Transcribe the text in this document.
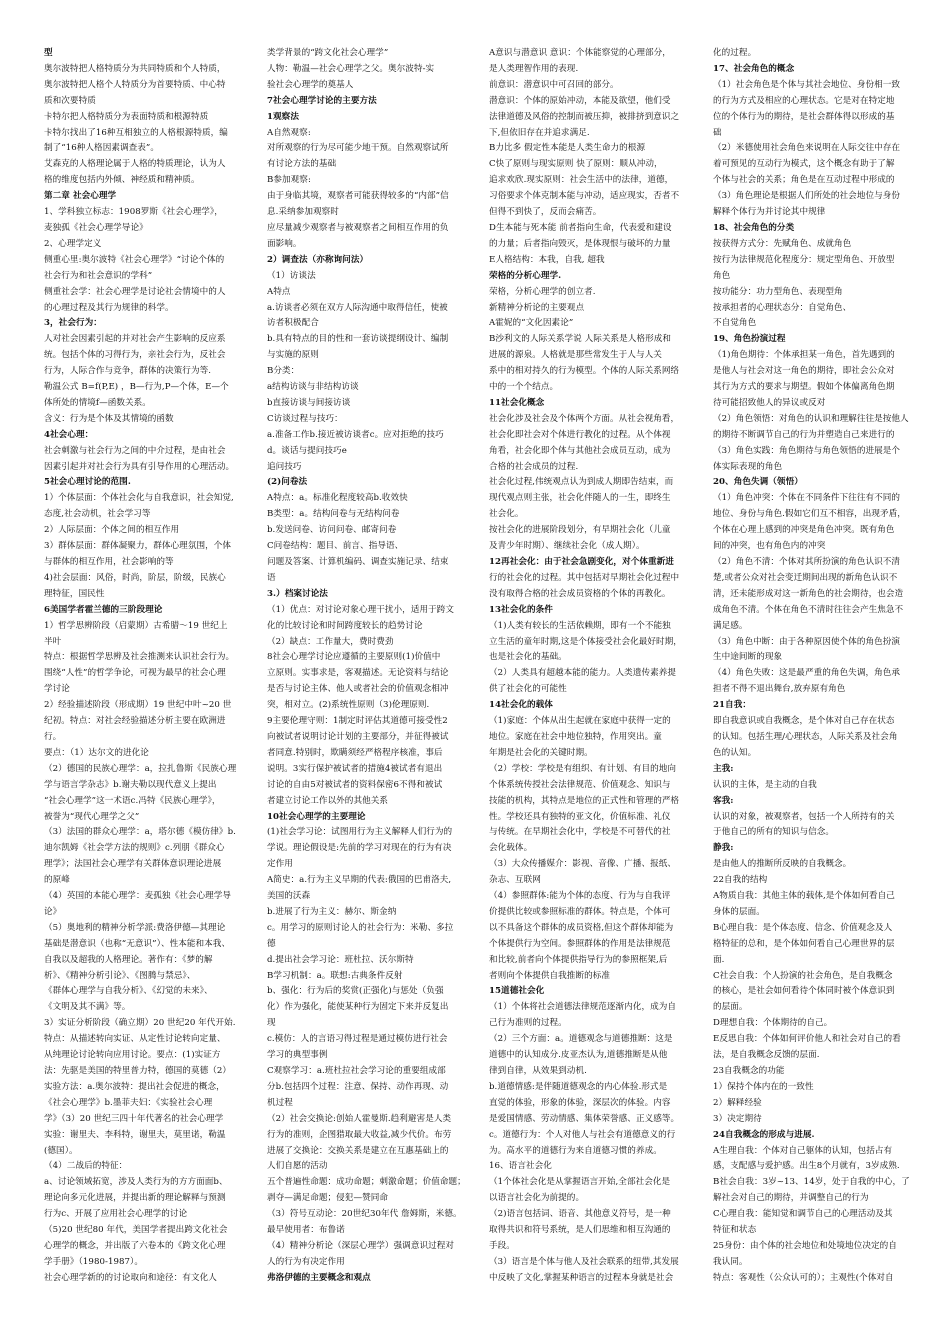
型
奥尔波特把人格特质分为共同特质和个人特质，
奥尔波特把人格个人特质分为首要特质、中心特
质和次要特质
卡特尔把人格特质分为表面特质和根源特质
卡特尔找出了16种互相独立的人格根源特质，编
制了“16种人格因素调查表”。
艾森克的人格理论属于人格的特质理论，认为人
格的维度包括内外倾、神经质和精神质。
第二章 社会心理学
1、学科独立标志：1908罗斯《社会心理学》，
麦独孤《社会心理学导论》
2、心理学定义
侧重心里:奥尔波特《社会心理学》“讨论个体的
社会行为和社会意识的学科”
侧重社会学：社会心理学是讨论社会情境中的人
的心理过程及其行为规律的科学。
3，社会行为：
人对社会因素引起的并对社会产生影响的反应系
统。包括个体的习得行为，亲社会行为，反社会
行为，人际合作与竞争，群体的决策行为等.
勒温公式 B=f(P,E) ，B—行为,P—个体，E—个
体所处的情境f—函数关系。
含义：行为是个体及其情境的函数
4社会心理：
社会刺激与社会行为之间的中介过程，是由社会
因素引起并对社会行为具有引导作用的心理活动。
5社会心理讨论的范围.
1）个体层面：个体社会化与自我意识，社会知觉,
态度,社会动机，社会学习等
2）人际层面：个体之间的相互作用
3）群体层面：群体凝聚力，群体心理氛围，个体
与群体的相互作用，社会影响的等
4)社会层面：风俗，时尚，阶层，阶级，民族心
理特征，国民性
6美国学者霍兰德的三阶段理论
1）哲学思辨阶段（启蒙期）古希腊～19 世纪上
半叶
特点：根据哲学思辨及社会推测来认识社会行为。
围绕“人性”的哲学争论，可视为最早的社会心理
学讨论
2）经验描述阶段（形成期）19 世纪中叶~20 世
纪初。特点：对社会经验描述分析主要在欧洲进
行。
要点：（1）达尔文的进化论
（2）德国的民族心理学：a，拉扎鲁斯《民族心理
学与语言学杂志》b.谢夫勒以现代意义上提出
“社会心理学”这一术语c.冯特《民族心理学》，
被誉为“现代心理学之父”
（3）法国的群众心理学：a，塔尔德《模仿律》b.
迪尔凯姆《社会学方法的规则》c.列朋《群众心
理学》；法国社会心理学有关群体意识理论进展
的原峰
（4）英国的本能心理学：麦孤独《社会心理学导
论》
（5）奥地利的精神分析学派:费洛伊德—其理论
基础是潜意识（也称“无意识”）、性本能和本我、
自我以及超我的人格理论。著作有：《梦的解
析》、《精神分析引论》、《图腾与禁忌》、
《群体心理学与自我分析》、《幻觉的未来》、
《文明及其不满》等。
3）实证分析阶段（确立期）20 世纪20 年代开始.
特点：从描述转向实证、从定性讨论转向定量、
从纯理论讨论转向应用讨论。要点：(1)实证方
法：先驱是美国的特里普力特，德国的莫德（2）
实验方法：a.奥尔波特：提出社会促进的概念，
《社会心理学》b.墨菲夫妇：《实验社会心理
学》（3）20 世纪三四十年代著名的社会心理学
实验：谢里夫、李科特，谢里夫，莫里诺，勒温
(德国）。
（4）二战后的特征：
a、讨论领域拓宽，涉及人类行为的方方面面b、
理论向多元化进展，并提出新的理论解释与预测
行为c、开展了应用社会心理学的讨论
（5)20 世纪80 年代，美国学者提出跨文化社会
心理学的概念，并出版了六卷本的《跨文化心理
学手册》（1980-1987）。
社会心理学新的的讨论取向和途径：有文化人
类学背景的“跨文化社会心理学”
人物：勒温—社会心理学之父。奥尔波特-实
验社会心理学的奠基人
7社会心理学讨论的主要方法
1观察法
A自然观察:
对所观察的行为尽可能少地干预。自然观察试所
有讨论方法的基础
B参加观察:
由于身临其境，观察者可能获得较多的“内部”信
息.采纳参加观察时
应尽量减少观察者与被观察者之间相互作用的负
面影响。
2）调查法（亦称询问法）
（1）访谈法
A特点
a.访谈者必须在双方人际沟通中取得信任，使被
访者积极配合
b.具有特点的目的性和一套访谈提纲设计、编制
与实施的原则
B分类：
a结构访谈与非结构访谈
b直接访谈与间接访谈
C访谈过程与技巧：
a.准备工作b.接近被访谈者c。应对拒绝的技巧
d。谈话与提问技巧e
追问技巧
(2)问卷法
A特点：a。标准化程度较高b.收效快
B类型：a。结构问卷与无结构问卷
b.发送问卷、访问问卷、邮寄问卷
C问卷结构：题目、前言、指导语、
问题及答案、计算机编码、调查实施记录、结束
语
3.）档案讨论法
（1）优点：对讨论对象心理干扰小，适用于跨文
化的比较讨论和时间跨度较长的趋势讨论
（2）缺点：工作量大，费时费劲
8社会心理学讨论应遵循的主要原则(1)价值中
立原则。实事求是，客观描述。无论资料与结论
是否与讨论主体、他人或者社会的价值观念相冲
突，相对立。(2)系统性原则（3)伦理原则.
9主要伦理守则：1制定时评估其道德可接受性2
向被试者说明讨论计划的主要部分，并征得被试
者同意.特别时，欺瞒须经严格程序核准，事后
说明。3实行保护被试者的措施4被试者有退出
讨论的自由5对被试者的资料保密6不得和被试
者建立讨论工作以外的其他关系
10社会心理学的主要理论
(1)社会学习论：试图用行为主义解释人们行为的
学说。理论假设是:先前的学习对现在的行为有决
定作用
A简史：a.行为主义早期的代表:俄国的巴甫洛夫,
美国的沃森
b.进展了行为主义：赫尔、斯金纳
c。用学习的原则讨论人的社会行为：米勒、多拉
德
d.提出社会学习论：班杜拉、沃尔斯特
B学习机制：a。联想:古典条件反射
b、强化：行为后的奖赏(正强化)与惩处（负强
化）作为强化，能使某种行为固定下来并反复出
现
c.模仿：人的言语习得过程是通过模仿进行社会
学习的典型事例
C观察学习：a.班杜拉社会学习论的重要组成部
分b.包括四个过程：注意、保持、动作再现、动
机过程
（2）社会交换论:创始人霍曼斯.趋利避害是人类
行为的准则，企图猎取最大收益,减少代价。布劳
进展了交换论：交换关系是建立在互惠基础上的
人们自愿的活动
五个普遍性命题：成功命题；刺激命题；价值命题；
剥夺—满足命题；侵犯—赞同命
（3）符号互动论：20世纪30年代 詹姆斯，米德。
最早使用者：布鲁诺
（4）精神分析论（深层心理学）强调意识过程对
人的行为有决定作用
弗洛伊德的主要概念和观点
A意识与潜意识 意识：个体能察觉的心理部分，
是人类理智作用的表现.
前意识：潜意识中可召回的部分。
潜意识：个体的原始冲动，本能及欲望，他们受
法律道德及风俗的控制而被压抑，被排挤到意识之
下,但依旧存在并追求满足.
B力比多 假定性本能是人类生命力的根源
C快了原则与现实原则 快了原则：顺从冲动，
追求欢欣.现实原则：社会生活中的法律，道德，
习俗要求个体克制本能与冲动，适应现实，否者不
但得不到快了，反而会痛苦。
D生本能与死本能 前者指向生命，代表爱和建设
的力量；后者指向毁灭，是体现恨与破坏的力量
E人格结构：本我，自我, 超我
荣格的分析心理学.
荣格，分析心理学的创立者.
新精神分析论的主要观点
A霍妮的“文化因素论”
B沙利文的人际关系学说 人际关系是人格形成和
进展的源泉。人格就是那些常发生于人与人关
系中的相对持久的行为模型。个体的人际关系网络
中的一个个结点。
11社会化概念
社会化涉及社会及个体两个方面。从社会视角看，
社会化即社会对个体进行教化的过程。从个体视
角看，社会化即个体与其他社会成员互动，成为
合格的社会成员的过程.
社会化过程,伟统观点认为到成人期即告结束，而
现代观点则主张，社会化伴随人的一生，即终生
社会化。
按社会化的进展阶段划分，有早期社会化（儿童
及青少年时期）、继续社会化（成人期）。
12再社会化：由于社会急剧变化，对个体重新进
行的社会化的过程。其中包括对早期社会化过程中
没有取得合格的社会成员资格的个体的再教化。
13社会化的条件
（1)人类有较长的生活依赖期，即有一个不能独
立生活的童年时期,这是个体接受社会化最好时期，
也是社会化的基础。
（2）人类具有超越本能的能力。人类遗传素养提
供了社会化的可能性
14社会化的载体
（1)家庭：个体从出生起就在家庭中获得一定的
地位。家庭在社会中地位独特，作用突出。童
年期是社会化的关键时期。
（2）学校：学校是有组织、有计划、有目的地向
个体系统传授社会法律规范、价值观念、知识与
技能的机构，其特点是地位的正式性和管理的严格
性。学校还具有独特的亚文化，价值标准、礼仪
与传统。在早期社会化中，学校是不可替代的社
会化载体。
（3）大众传播媒介：影视、音像、广播、报纸、
杂志、互联网
（4）参照群体:能为个体的态度、行为与自我评
价提供比较或参照标准的群体。特点是，个体可
以不具备这个群体的成员资格,但这个群体却能为
个体提供行为空间。参照群体的作用是法律规范
和比较,前者向个体提供指导行为的参照框架,后
者则向个体提供自我推断的标准
15道德社会化
（1）个体将社会道德法律规范逐渐内化，成为自
己行为准则的过程。
（2）三个方面：a。道德观念与道德推断：这是
道德中的认知成分.皮亚杰认为,道德推断是从他
律到自律，从效果到动机.
b.道德情感:是伴随道德观念的内心体验.形式是
直觉的体验，形象的体验，深层次的体验。内容
是爱国情感、劳动情感、集体荣誉感、正义感等。
c。道德行为：个人对他人与社会有道德意义的行
为。高水平的道德行为来自道德习惯的养成。
16、语言社会化
（1个体社会化是从掌握语言开始,全部社会化是
以语言社会化为前提的。
（2)语言包括词、语音、其他意义符号，是一种
取得共识和符号系统，是人们思维和相互沟通的
手段。
（3）语言是个体与他人及社会联系的纽带,其发展
中反映了文化,掌握某种语言的过程本身就是社会
化的过程。
17、社会角色的概念
（1）社会角色是个体与其社会地位、身份相一致
的行为方式及相应的心理状态。它是对在特定地
位的个体行为的期待，是社会群体得以形成的基
础
（2）米德使用社会角色来说明在人际交往中存在
着可预见的互动行为模式，这个概念有助于了解
个体与社会的关系；角色是在互动过程中形成的
（3）角色理论是根据人们所处的社会地位与身份
解释个体行为并讨论其中规律
18、社会角色的分类
按获得方式分：先赋角色、成就角色
按行为法律规范化程度分：规定型角色、开放型
角色
按功能分：功力型角色、表现型角
按承担者的心理状态分：自觉角色、
不自觉角色
19、角色扮演过程
（1)角色期待：个体承担某一角色，首先遇到的
是他人与社会对这一角色的期待，即社会公众对
其行为方式的要求与期望。假如个体偏离角色期
待可能招致他人的异议或反对
（2）角色领悟：对角色的认识和理解往往是按他人
的期待不断调节自己的行为并塑造自己来进行的
（3）角色实践：角色期待与角色领悟的进展是个
体实际表现的角色
20、角色失调（领悟）
（1）角色冲突：个体在不同条件下往往有不同的
地位、身份与角色.假如它们互不相容，出现矛盾，
个体在心理上感到的冲突是角色冲突。既有角色
间的冲突，也有角色内的冲突
（2）角色不清：个体对其所扮演的角色认识不清
楚,或者公众对社会变迁期间出现的新角色认识不
清，还未能形成对这一新角色的社会期待，也会造
成角色不清。个体在角色不清时往往会产生焦急不
满足感。
（3）角色中断：由于各种原因使个体的角色扮演
生中途间断的现象
（4）角色失败：这是最严重的角色失调，角色承
担者不得不退出舞台,放弃原有角色
21自我：
即自我意识或自我概念，是个体对自己存在状态
的认知。包括生理/心理状态，人际关系及社会角
色的认知。
主我:
认识的主体，是主动的自我
客我:
认识的对象，被观察者，包括一个人所持有的关
于他自己的所有的知识与信念。
静我:
是由他人的推断所反映的自我概念。
22自我的结构
A物质自我：其他主体的载体,是个体如何看自己
身体的层面。
B心理自我：是个体态度、信念、价值观念及人
格特征的总和，是个体如何看自己心理世界的层
面.
C社会自我：个人扮演的社会角色，是自我概念
的核心，是社会如何看待个体同时被个体意识到
的层面。
D理想自我：个体期待的自己。
E反思自我：个体如何评价他人和社会对自己的看
法，是自我概念反馈的层面.
23自我概念的功能
1）保持个体内在的一致性
2）解释经验
3）决定期待
24自我概念的形成与进展.
A生理自我：个体对自己躯体的认知，包括占有
感，支配感与爱护感。出生8个月就有，3岁成熟.
B社会自我：3岁~13、14岁，处于自我的中心，了
解社会对自己的期待，并调整自己的行为
C心理自我：能知觉和调节自己的心理活动及其
特征和状态
25身份：由个体的社会地位和处境地位决定的自
我认同。
特点：客观性（公众认可的）；主观性(个体对自
